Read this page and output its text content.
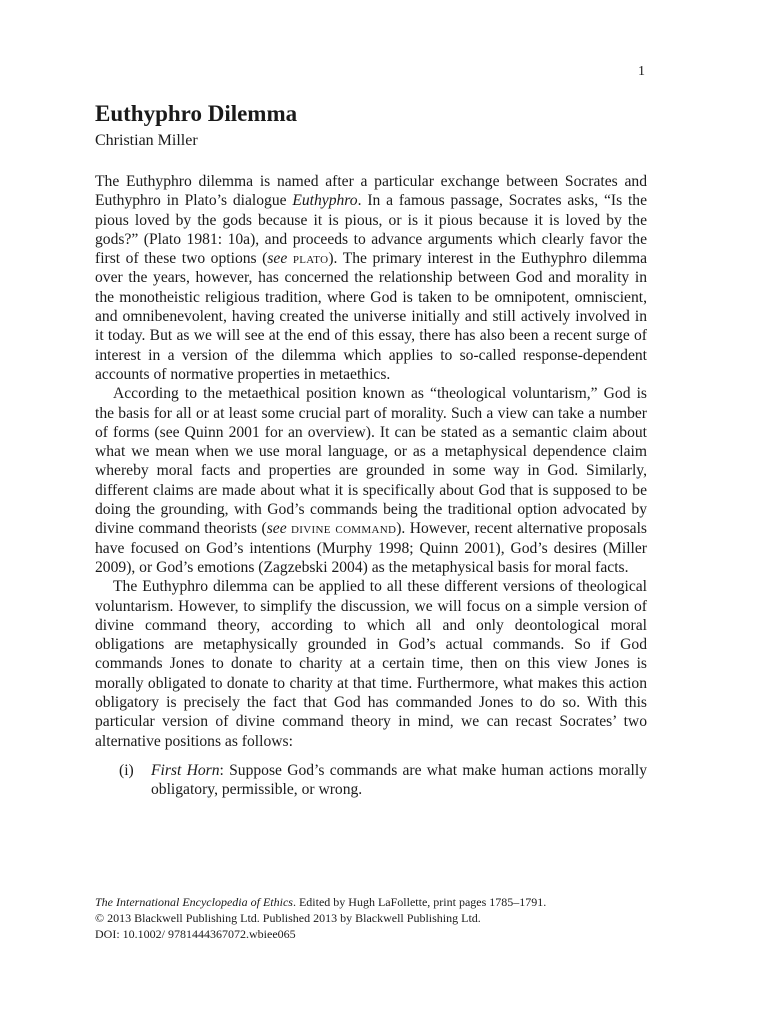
1
Euthyphro Dilemma
Christian Miller

The Euthyphro dilemma is named after a particular exchange between Socrates and Euthyphro in Plato’s dialogue Euthyphro. In a famous passage, Socrates asks, “Is the pious loved by the gods because it is pious, or is it pious because it is loved by the gods?” (Plato 1981: 10a), and proceeds to advance arguments which clearly favor the first of these two options (see plato). The primary interest in the Euthyphro dilemma over the years, however, has concerned the relationship between God and morality in the monotheistic religious tradition, where God is taken to be omnipotent, omniscient, and omnibenevolent, having created the universe initially and still actively involved in it today. But as we will see at the end of this essay, there has also been a recent surge of interest in a version of the dilemma which applies to so-called response-dependent accounts of normative properties in metaethics.

According to the metaethical position known as “theological voluntarism,” God is the basis for all or at least some crucial part of morality. Such a view can take a number of forms (see Quinn 2001 for an overview). It can be stated as a semantic claim about what we mean when we use moral language, or as a metaphysical dependence claim whereby moral facts and properties are grounded in some way in God. Similarly, different claims are made about what it is specifically about God that is supposed to be doing the grounding, with God’s commands being the traditional option advocated by divine command theorists (see divine command). However, recent alternative proposals have focused on God’s intentions (Murphy 1998; Quinn 2001), God’s desires (Miller 2009), or God’s emotions (Zagzebski 2004) as the metaphysical basis for moral facts.

The Euthyphro dilemma can be applied to all these different versions of theological voluntarism. However, to simplify the discussion, we will focus on a simple version of divine command theory, according to which all and only deontological moral obligations are metaphysically grounded in God’s actual commands. So if God commands Jones to donate to charity at a certain time, then on this view Jones is morally obligated to donate to charity at that time. Furthermore, what makes this action obligatory is precisely the fact that God has commanded Jones to do so. With this particular version of divine command theory in mind, we can recast Socrates’ two alternative positions as follows:

(i)	First Horn: Suppose God’s commands are what make human actions morally obligatory, permissible, or wrong.
The International Encyclopedia of Ethics. Edited by Hugh LaFollette, print pages 1785–1791.
© 2013 Blackwell Publishing Ltd. Published 2013 by Blackwell Publishing Ltd.
DOI: 10.1002/ 9781444367072.wbiee065
